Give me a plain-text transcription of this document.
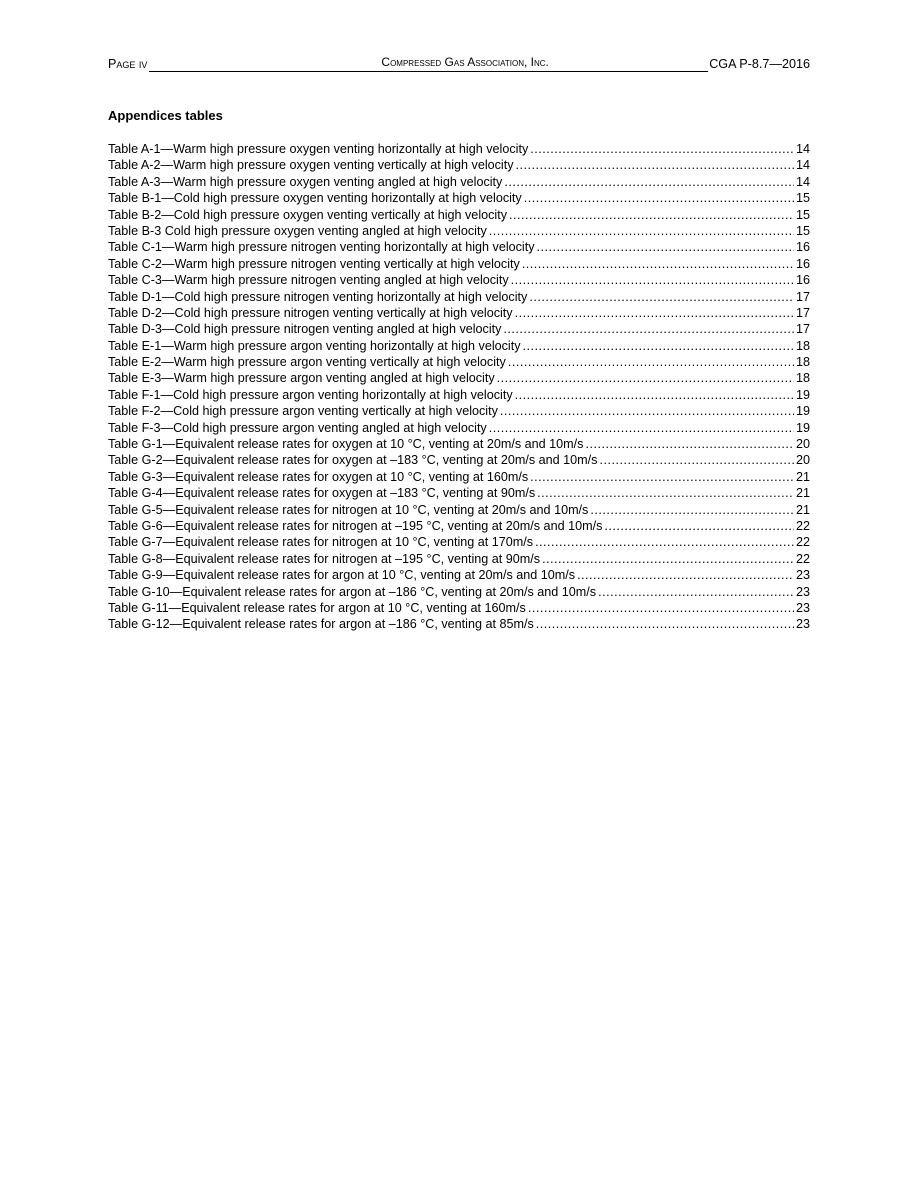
Page iv	Compressed Gas Association, Inc.	CGA P-8.7—2016
Appendices tables
Table A-1—Warm high pressure oxygen venting horizontally at high velocity .....	14
Table A-2—Warm high pressure oxygen venting vertically at high velocity .....	14
Table A-3—Warm high pressure oxygen venting angled at high velocity .....	14
Table B-1—Cold high pressure oxygen venting horizontally at high velocity .....	15
Table B-2—Cold high pressure oxygen venting vertically at high velocity .....	15
Table B-3 Cold high pressure oxygen venting angled at high velocity .....	15
Table C-1—Warm high pressure nitrogen venting horizontally at high velocity .....	16
Table C-2—Warm high pressure nitrogen venting vertically at high velocity .....	16
Table C-3—Warm high pressure nitrogen venting angled at high velocity .....	16
Table D-1—Cold high pressure nitrogen venting horizontally at high velocity .....	17
Table D-2—Cold high pressure nitrogen venting vertically at high velocity .....	17
Table D-3—Cold high pressure nitrogen venting angled at high velocity .....	17
Table E-1—Warm high pressure argon venting horizontally at high velocity .....	18
Table E-2—Warm high pressure argon venting vertically at high velocity .....	18
Table E-3—Warm high pressure argon venting angled at high velocity .....	18
Table F-1—Cold high pressure argon venting horizontally at high velocity .....	19
Table F-2—Cold high pressure argon venting vertically at high velocity .....	19
Table F-3—Cold high pressure argon venting angled at high velocity .....	19
Table G-1—Equivalent release rates for oxygen at 10 °C, venting at 20m/s and 10m/s .....	20
Table G-2—Equivalent release rates for oxygen at –183 °C, venting at 20m/s and 10m/s .....	20
Table G-3—Equivalent release rates for oxygen at 10 °C, venting at 160m/s .....	21
Table G-4—Equivalent release rates for oxygen at –183 °C, venting at 90m/s .....	21
Table G-5—Equivalent release rates for nitrogen at 10 °C, venting at 20m/s and 10m/s .....	21
Table G-6—Equivalent release rates for nitrogen at –195 °C, venting at 20m/s and 10m/s .....	22
Table G-7—Equivalent release rates for nitrogen at 10 °C, venting at 170m/s .....	22
Table G-8—Equivalent release rates for nitrogen at –195 °C, venting at 90m/s .....	22
Table G-9—Equivalent release rates for argon at 10 °C, venting at 20m/s and 10m/s .....	23
Table G-10—Equivalent release rates for argon at –186 °C, venting at 20m/s and 10m/s .....	23
Table G-11—Equivalent release rates for argon at 10 °C, venting at 160m/s .....	23
Table G-12—Equivalent release rates for argon at –186 °C, venting at 85m/s .....	23
